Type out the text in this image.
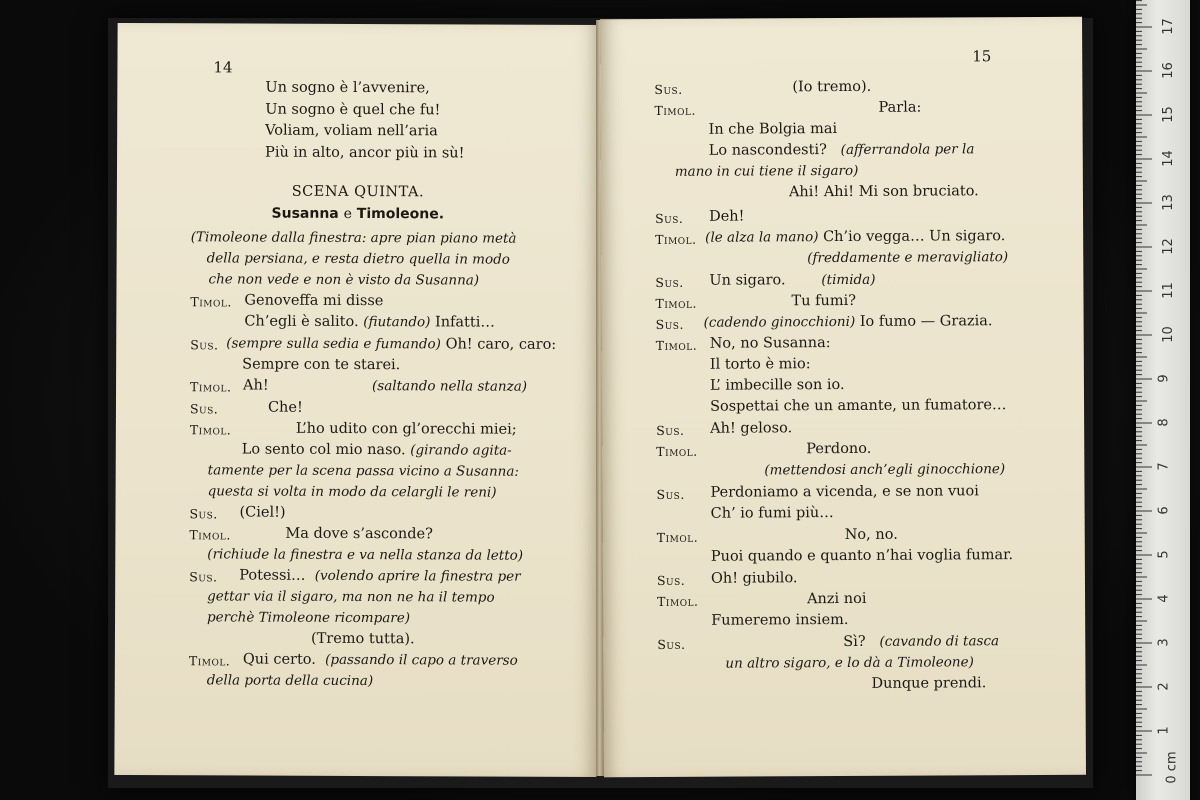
14
Un sogno è l’avvenire,
Un sogno è quel che fu!
Voliam, voliam nell’aria
Più in alto, ancor più in sù!
SCENA QUINTA.
Susanna e Timoleone.
(Timoleone dalla finestra: apre pian piano metà
della persiana, e resta dietro quella in modo
che non vede e non è visto da Susanna)
Timol. Genoveffa mi disse
Ch’egli è salito. (fiutando) Infatti…
Sus. (sempre sulla sedia e fumando) Oh! caro, caro:
Sempre con te starei.
Timol. Ah!	(saltando nella stanza)
Sus.	Che!
Timol.	L’ho udito con gl’orecchi miei;
Lo sento col mio naso. (girando agita-
tamente per la scena passa vicino a Susanna:
questa si volta in modo da celargli le reni)
Sus. (Ciel!)
Timol.	Ma dove s’asconde?
(richiude la finestra e va nella stanza da letto)
Sus. Potessi… (volendo aprire la finestra per
gettar via il sigaro, ma non ne ha il tempo
perchè Timoleone ricompare)
(Tremo tutta).
Timol. Qui certo. (passando il capo a traverso
della porta della cucina)
15
Sus.	(Io tremo).
Timol.	Parla:
In che Bolgia mai
Lo nascondesti? (afferrandola per la
mano in cui tiene il sigaro)
Ahi! Ahi! Mi son bruciato.
Sus. Deh!
Timol. (le alza la mano) Ch’io vegga… Un sigaro.
(freddamente e meravigliato)
Sus. Un sigaro.	(timida)
Timol.	Tu fumi?
Sus. (cadendo ginocchioni) Io fumo — Grazia.
Timol. No, no Susanna:
Il torto è mio:
L’ imbecille son io.
Sospettai che un amante, un fumatore…
Sus. Ah! geloso.
Timol.	Perdono.
(mettendosi anch’egli ginocchione)
Sus. Perdoniamo a vicenda, e se non vuoi
Ch’ io fumi più…
Timol.	No, no.
Puoi quando e quanto n’hai voglia fumar.
Sus. Oh! giubilo.
Timol.	Anzi noi
Fumeremo insiem.
Sus.	Sì? (cavando di tasca
un altro sigaro, e lo dà a Timoleone)
Dunque prendi.
17
16
15
14
13
12
11
10
9
8
7
6
5
4
3
2
1
0 cm
